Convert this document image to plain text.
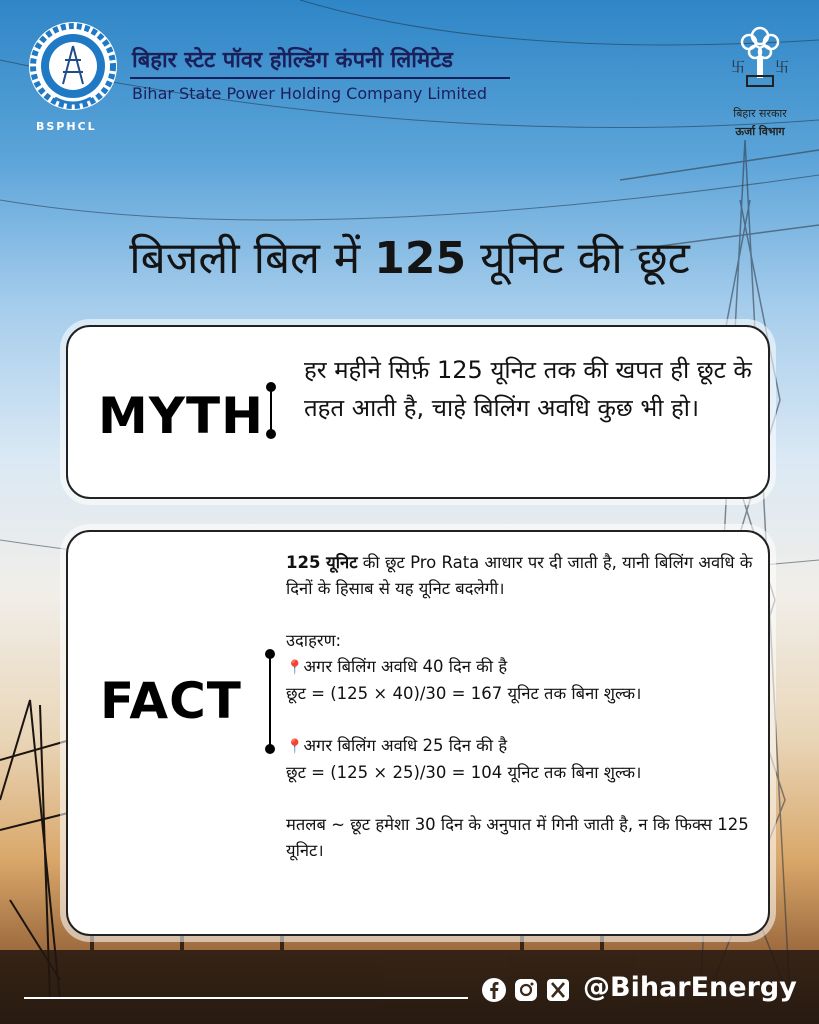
BSPHCL
बिहार स्टेट पॉवर होल्डिंग कंपनी लिमिटेड
Bihar State Power Holding Company Limited
卐 卐
बिहार सरकार
ऊर्जा विभाग
बिजली बिल में 125 यूनिट की छूट
MYTH
हर महीने सिर्फ़ 125 यूनिट तक की खपत ही छूट के तहत आती है, चाहे बिलिंग अवधि कुछ भी हो।
FACT

125 यूनिट की छूट Pro Rata आधार पर दी जाती है, यानी बिलिंग अवधि के दिनों के हिसाब से यह यूनिट बदलेगी।

उदाहरण:

📍अगर बिलिंग अवधि 40 दिन की है

छूट = (125 × 40)/30 = 167 यूनिट तक बिना शुल्क।

📍अगर बिलिंग अवधि 25 दिन की है

छूट = (125 × 25)/30 = 104 यूनिट तक बिना शुल्क।

मतलब ~ छूट हमेशा 30 दिन के अनुपात में गिनी जाती है, न कि फिक्स 125 यूनिट।

@BiharEnergy
